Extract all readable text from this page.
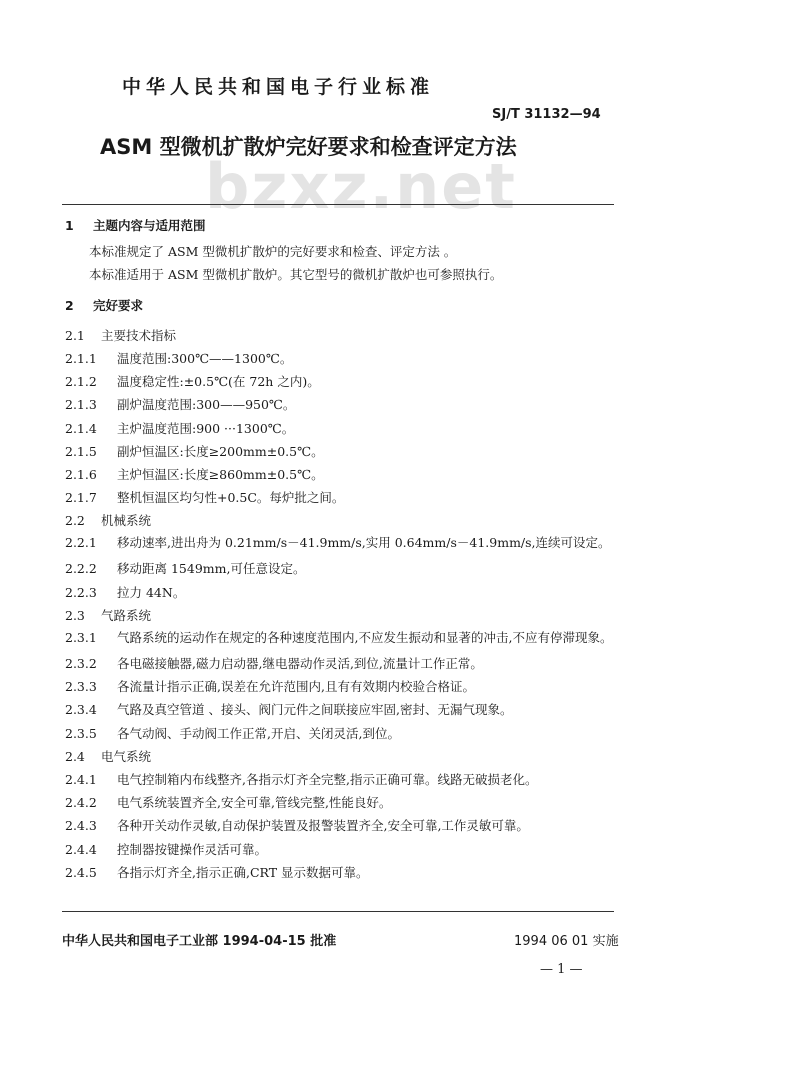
中华人民共和国电子行业标准
SJ/T 31132—94
bzxz.net
ASM 型微机扩散炉完好要求和检查评定方法
1 主题内容与适用范围
本标准规定了 ASM 型微机扩散炉的完好要求和检查、评定方法 。
本标准适用于 ASM 型微机扩散炉。其它型号的微机扩散炉也可参照执行。
2 完好要求
2.1 主要技术指标
2.1.1 温度范围:300℃——1300℃。
2.1.2 温度稳定性:±0.5℃(在 72h 之内)。
2.1.3 副炉温度范围:300——950℃。
2.1.4 主炉温度范围:900 ···1300℃。
2.1.5 副炉恒温区:长度≥200mm±0.5℃。
2.1.6 主炉恒温区:长度≥860mm±0.5℃。
2.1.7 整机恒温区均匀性+0.5C。每炉批之间。
2.2 机械系统
2.2.1 移动速率,进出舟为 0.21mm/s－41.9mm/s,实用 0.64mm/s－41.9mm/s,连续可设定。
2.2.2 移动距离 1549mm,可任意设定。
2.2.3 拉力 44N。
2.3 气路系统
2.3.1 气路系统的运动作在规定的各种速度范围内,不应发生振动和显著的冲击,不应有停滞现象。
2.3.2 各电磁接触器,磁力启动器,继电器动作灵活,到位,流量计工作正常。
2.3.3 各流量计指示正确,误差在允许范围内,且有有效期内校验合格证。
2.3.4 气路及真空管道 、接头、阀门元件之间联接应牢固,密封、无漏气现象。
2.3.5 各气动阀、手动阀工作正常,开启、关闭灵活,到位。
2.4 电气系统
2.4.1 电气控制箱内布线整齐,各指示灯齐全完整,指示正确可靠。线路无破损老化。
2.4.2 电气系统装置齐全,安全可靠,管线完整,性能良好。
2.4.3 各种开关动作灵敏,自动保护装置及报警装置齐全,安全可靠,工作灵敏可靠。
2.4.4 控制器按键操作灵活可靠。
2.4.5 各指示灯齐全,指示正确,CRT 显示数据可靠。
中华人民共和国电子工业部 1994-04-15 批准	1994 06 01 实施
— 1 —
